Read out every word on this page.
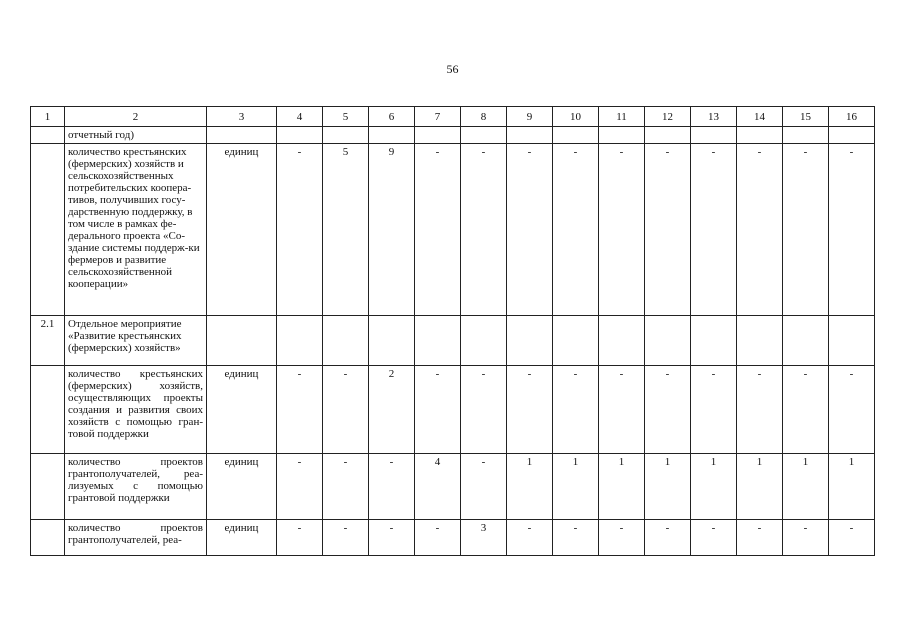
56
1	2	3	4	5	6	7	8	9	10	11	12	13	14	15	16
	отчетный год)														
	количество крестьянских (фермерских) хозяйств и сельскохозяйственных потребительских коопера-тивов, получивших госу-дарственную поддержку, в том числе в рамках фе-дерального проекта «Со-здание системы поддерж-ки фермеров и развитие сельскохозяйственной кооперации»	единиц	-	5	9	-	-	-	-	-	-	-	-	-	-
2.1	Отдельное мероприятие «Развитие крестьянских (фермерских) хозяйств»														
	количество крестьянских (фермерских) хозяйств, осуществляющих проекты создания и развития своих хозяйств с помощью гран-товой поддержки	единиц	-	-	2	-	-	-	-	-	-	-	-	-	-
	количество проектов грантополучателей, реа-лизуемых с помощью грантовой поддержки	единиц	-	-	-	4	-	1	1	1	1	1	1	1	1
	количество проектов грантополучателей, реа-	единиц	-	-	-	-	3	-	-	-	-	-	-	-	-
